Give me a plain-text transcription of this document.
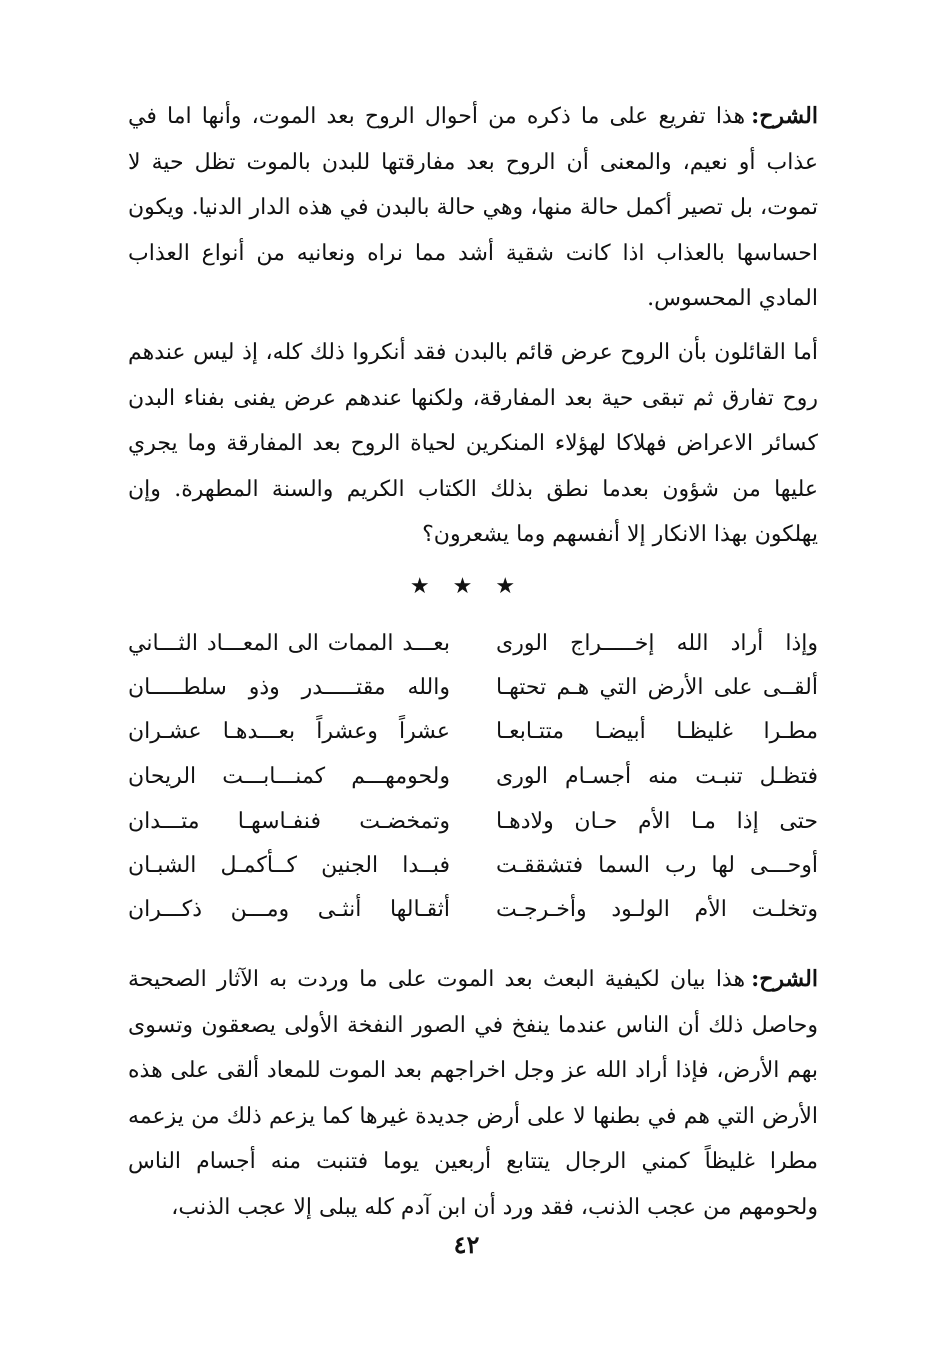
الشرح:هذا تفريع على ما ذكره من أحوال الروح بعد الموت، وأنها اما في عذاب أو نعيم، والمعنى أن الروح بعد مفارقتها للبدن بالموت تظل حية لا تموت، بل تصير أكمل حالة منها، وهي حالة بالبدن في هذه الدار الدنيا. ويكون احساسها بالعذاب اذا كانت شقية أشد مما نراه ونعانيه من أنواع العذاب المادي المحسوس.
أما القائلون بأن الروح عرض قائم بالبدن فقد أنكروا ذلك كله، إذ ليس عندهم روح تفارق ثم تبقى حية بعد المفارقة، ولكنها عندهم عرض يفنى بفناء البدن كسائر الاعراض فهلاكا لهؤلاء المنكرين لحياة الروح بعد المفارقة وما يجري عليها من شؤون بعدما نطق بذلك الكتاب الكريم والسنة المطهرة. وإن يهلكون بهذا الانكار إلا أنفسهم وما يشعرون؟
★ ★ ★
وإذا أراد الله إخـــــراج الورى
بعـــد الممات الى المعـــاد الثـــاني
ألقــى على الأرض التي هـم تحتهـا
والله مقتـــــدر وذو سلطـــــان
مطـرا غليظـا أبيضـا متتـابعـا
عشراً وعشراً بعـــدهـا عشـران
فتظـل تنبـت منه أجسـام الورى
ولحومهـــم كمنـــابـــت الريحان
حتى إذا مـا الأم حـان ولادهـا
وتمخضـت فنفـاسهـا متـــدان
أوحـــى لها رب السما فتشققـت
فبــدا الجنين كــأكمـل الشبـان
وتخلـت الأم الولـود وأخـرجـت
أثقـالها أنثـى ومـــن ذكـــران
الشرح:هذا بيان لكيفية البعث بعد الموت على ما وردت به الآثار الصحيحة وحاصل ذلك أن الناس عندما ينفخ في الصور النفخة الأولى يصعقون وتسوى بهم الأرض، فإذا أراد الله عز وجل اخراجهم بعد الموت للمعاد ألقى على هذه الأرض التي هم في بطنها لا على أرض جديدة غيرها كما يزعم ذلك من يزعمه مطرا غليظاً كمني الرجال يتتابع أربعين يوما فتنبت منه أجسام الناس ولحومهم من عجب الذنب، فقد ورد أن ابن آدم كله يبلى إلا عجب الذنب،
٤٢
